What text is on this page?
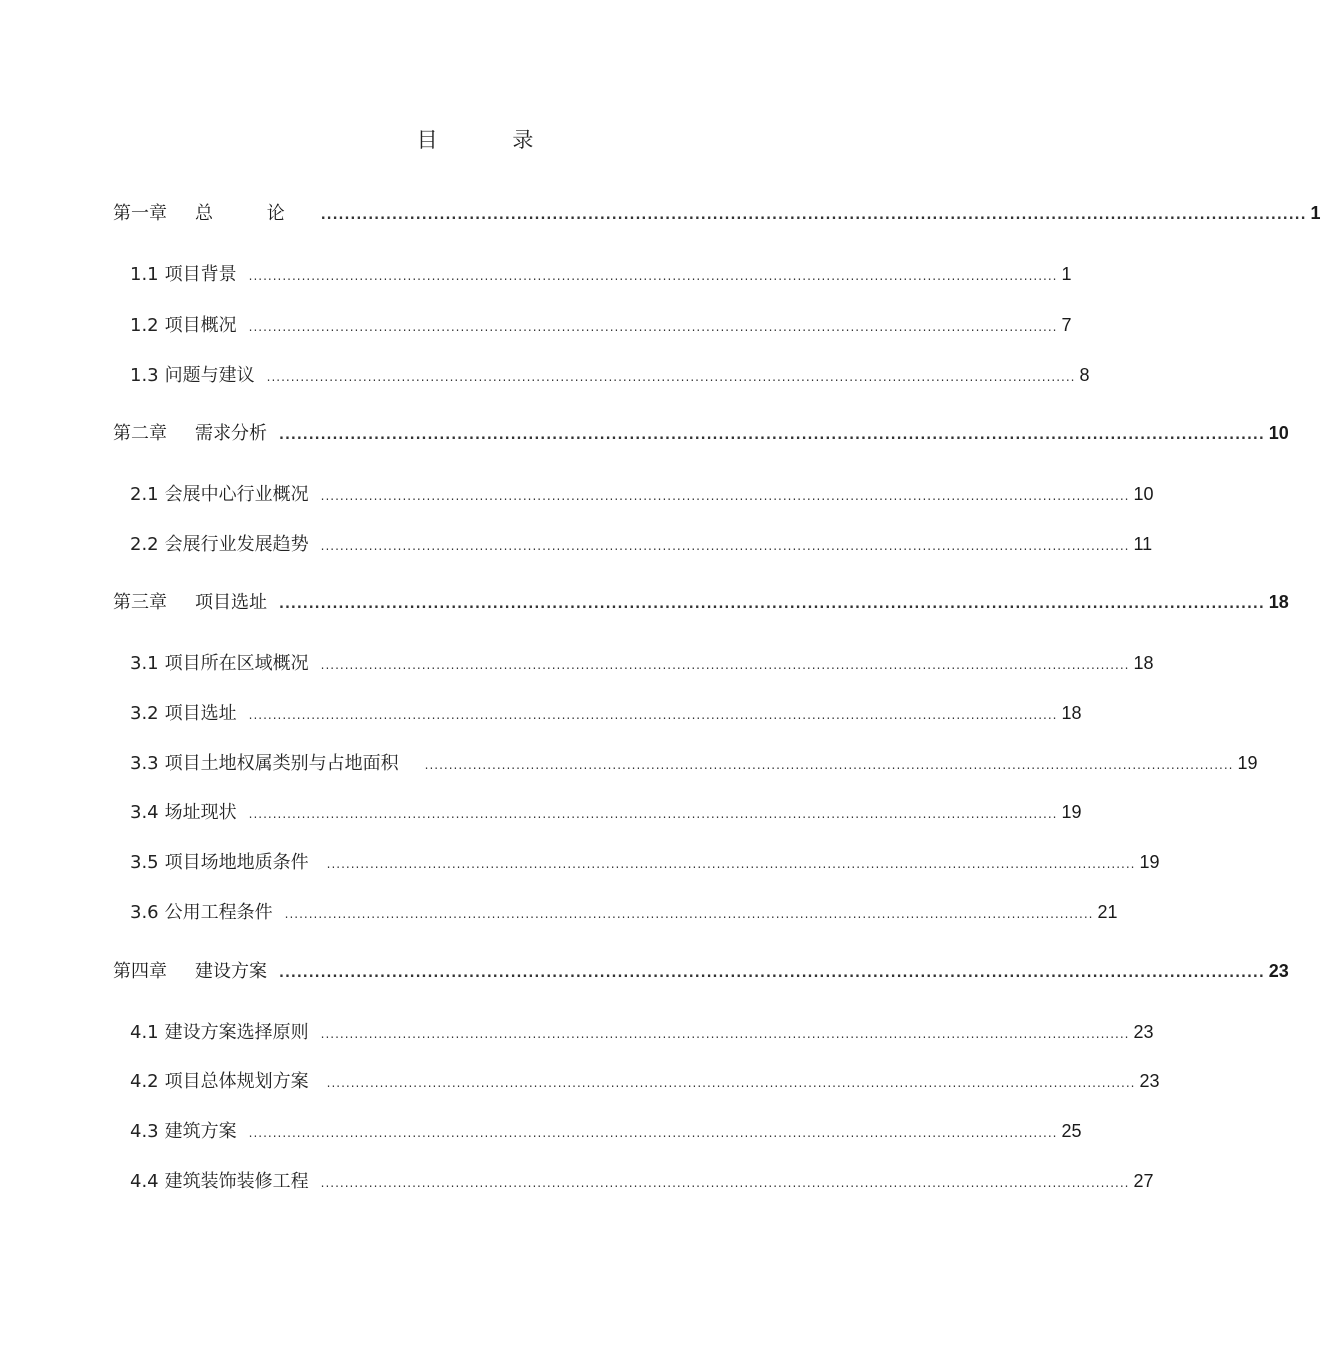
目 录
第一章 总 论 ...................................................................................................................................................................... 1
1.1 项目背景 ........................................................................................................................................................................ 1
1.2 项目概况 ........................................................................................................................................................................ 7
1.3 问题与建议 ........................................................................................................................................................................ 8
第二章 需求分析 ...................................................................................................................................................................... 10
2.1 会展中心行业概况 ........................................................................................................................................................................ 10
2.2 会展行业发展趋势 ........................................................................................................................................................................ 11
第三章 项目选址 ...................................................................................................................................................................... 18
3.1 项目所在区域概况 ........................................................................................................................................................................ 18
3.2 项目选址 ........................................................................................................................................................................ 18
3.3 项目土地权属类别与占地面积 ........................................................................................................................................................................ 19
3.4 场址现状 ........................................................................................................................................................................ 19
3.5 项目场地地质条件 ........................................................................................................................................................................ 19
3.6 公用工程条件 ........................................................................................................................................................................ 21
第四章 建设方案 ...................................................................................................................................................................... 23
4.1 建设方案选择原则 ........................................................................................................................................................................ 23
4.2 项目总体规划方案 ........................................................................................................................................................................ 23
4.3 建筑方案 ........................................................................................................................................................................ 25
4.4 建筑装饰装修工程 ........................................................................................................................................................................ 27
